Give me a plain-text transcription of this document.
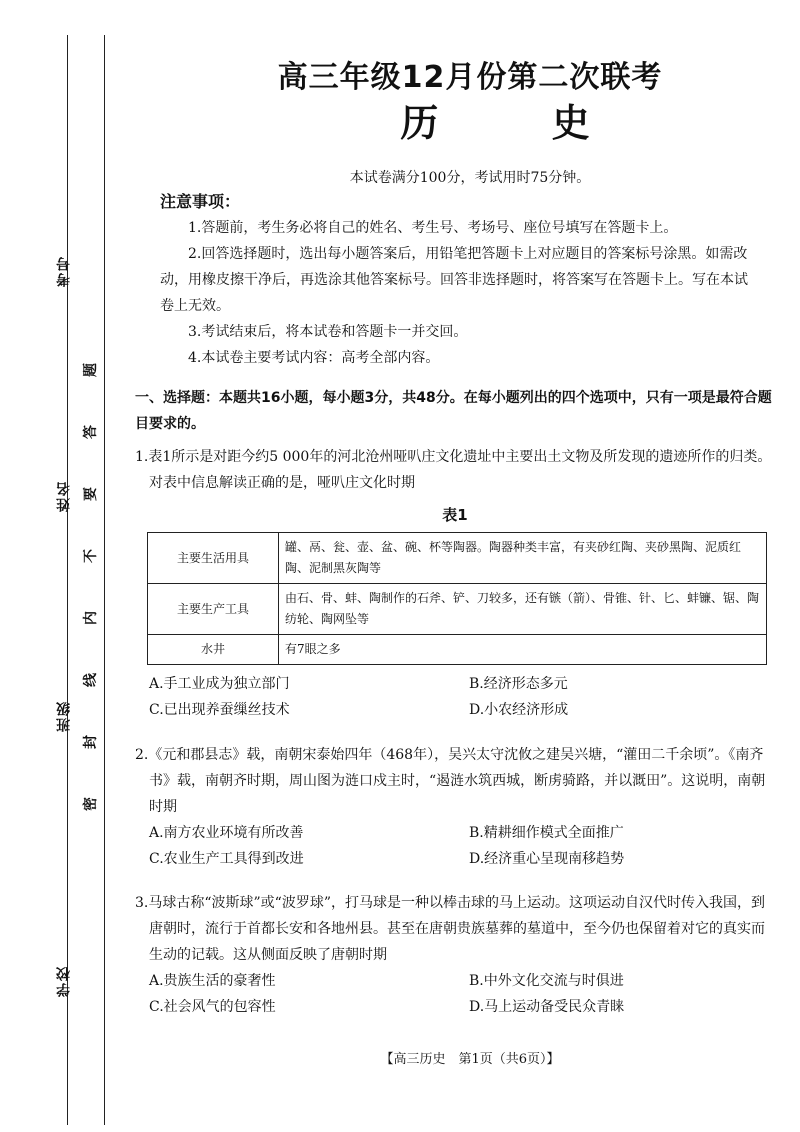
考号
姓名
班级
学校
题
答
要
不
内
线
封
密
高三年级12月份第二次联考
历 史
本试卷满分100分，考试用时75分钟。
注意事项：

1.答题前，考生务必将自己的姓名、考生号、考场号、座位号填写在答题卡上。

2.回答选择题时，选出每小题答案后，用铅笔把答题卡上对应题目的答案标号涂黑。如需改动，用橡皮擦干净后，再选涂其他答案标号。回答非选择题时，将答案写在答题卡上。写在本试卷上无效。

3.考试结束后，将本试卷和答题卡一并交回。

4.本试卷主要考试内容：高考全部内容。

一、选择题：本题共16小题，每小题3分，共48分。在每小题列出的四个选项中，只有一项是最符合题目要求的。

1.表1所示是对距今约5 000年的河北沧州哑叭庄文化遗址中主要出土文物及所发现的遗迹所作的归类。对表中信息解读正确的是，哑叭庄文化时期

表1
主要生活用具	罐、鬲、瓮、壶、盆、碗、杯等陶器。陶器种类丰富，有夹砂红陶、夹砂黑陶、泥质红陶、泥制黑灰陶等
主要生产工具	由石、骨、蚌、陶制作的石斧、铲、刀较多，还有镞（箭）、骨锥、针、匕、蚌镰、锯、陶纺轮、陶网坠等
水井	有7眼之多
A.手工业成为独立部门	B.经济形态多元
C.已出现养蚕缫丝技术	D.小农经济形成

2.《元和郡县志》载，南朝宋泰始四年（468年），吴兴太守沈攸之建吴兴塘，“灌田二千余顷”。《南齐书》载，南朝齐时期，周山图为涟口戍主时，“遏涟水筑西城，断虏骑路，并以溉田”。这说明，南朝时期

A.南方农业环境有所改善	B.精耕细作模式全面推广
C.农业生产工具得到改进	D.经济重心呈现南移趋势

3.马球古称“波斯球”或“波罗球”，打马球是一种以棒击球的马上运动。这项运动自汉代时传入我国，到唐朝时，流行于首都长安和各地州县。甚至在唐朝贵族墓葬的墓道中，至今仍也保留着对它的真实而生动的记载。这从侧面反映了唐朝时期

A.贵族生活的豪奢性	B.中外文化交流与时俱进
C.社会风气的包容性	D.马上运动备受民众青睐
【高三历史　第1页（共6页）】
